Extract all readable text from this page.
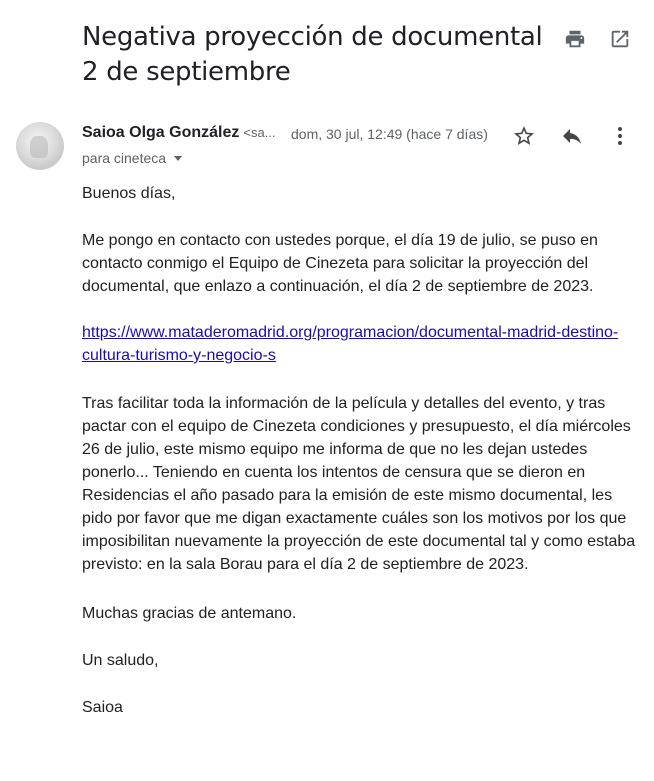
Negativa proyección de documental
2 de septiembre
Saioa Olga González <sa... dom, 30 jul, 12:49 (hace 7 días)
para cineteca
Buenos días,
Me pongo en contacto con ustedes porque, el día 19 de julio, se puso en
contacto conmigo el Equipo de Cinezeta para solicitar la proyección del
documental, que enlazo a continuación, el día 2 de septiembre de 2023.
https://www.mataderomadrid.org/programacion/documental-madrid-destino-
cultura-turismo-y-negocio-s
Tras facilitar toda la información de la película y detalles del evento, y tras
pactar con el equipo de Cinezeta condiciones y presupuesto, el día miércoles
26 de julio, este mismo equipo me informa de que no les dejan ustedes
ponerlo... Teniendo en cuenta los intentos de censura que se dieron en
Residencias el año pasado para la emisión de este mismo documental, les
pido por favor que me digan exactamente cuáles son los motivos por los que
imposibilitan nuevamente la proyección de este documental tal y como estaba
previsto: en la sala Borau para el día 2 de septiembre de 2023.
Muchas gracias de antemano.
Un saludo,
Saioa
